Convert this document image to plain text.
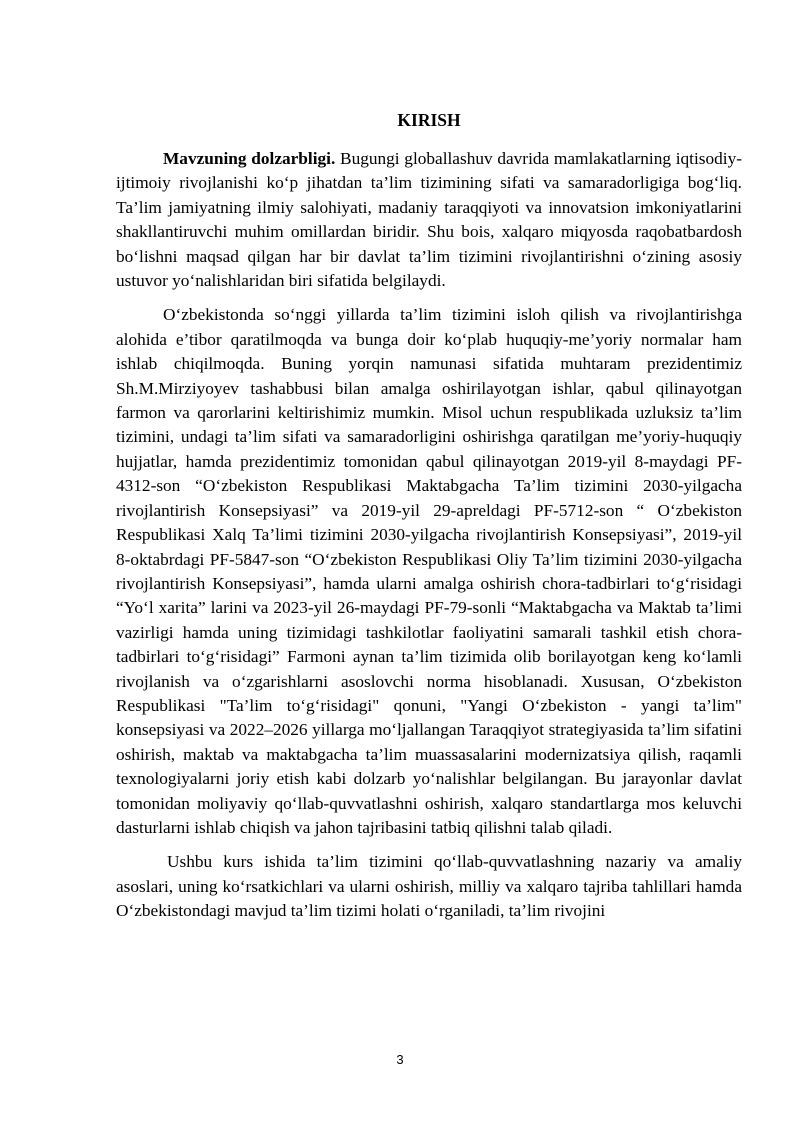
KIRISH

Mavzuning dolzarbligi. Bugungi globallashuv davrida mamlakatlarning iqtisodiy-ijtimoiy rivojlanishi ko‘p jihatdan ta’lim tizimining sifati va samaradorligiga bog‘liq. Ta’lim jamiyatning ilmiy salohiyati, madaniy taraqqiyoti va innovatsion imkoniyatlarini shakllantiruvchi muhim omillardan biridir. Shu bois, xalqaro miqyosda raqobatbardosh bo‘lishni maqsad qilgan har bir davlat ta’lim tizimini rivojlantirishni o‘zining asosiy ustuvor yo‘nalishlaridan biri sifatida belgilaydi.

O‘zbekistonda so‘nggi yillarda ta’lim tizimini isloh qilish va rivojlantirishga alohida e’tibor qaratilmoqda va bunga doir ko‘plab huquqiy-me’yoriy normalar ham ishlab chiqilmoqda. Buning yorqin namunasi sifatida muhtaram prezidentimiz Sh.M.Mirziyoyev tashabbusi bilan amalga oshirilayotgan ishlar, qabul qilinayotgan farmon va qarorlarini keltirishimiz mumkin. Misol uchun respublikada uzluksiz ta’lim tizimini, undagi ta’lim sifati va samaradorligini oshirishga qaratilgan me’yoriy-huquqiy hujjatlar, hamda prezidentimiz tomonidan qabul qilinayotgan 2019-yil 8-maydagi PF-4312-son “O‘zbekiston Respublikasi Maktabgacha Ta’lim tizimini 2030-yilgacha rivojlantirish Konsepsiyasi” va 2019-yil 29-apreldagi PF-5712-son “ O‘zbekiston Respublikasi Xalq Ta’limi tizimini 2030-yilgacha rivojlantirish Konsepsiyasi”, 2019-yil 8-oktabrdagi PF-5847-son “O‘zbekiston Respublikasi Oliy Ta’lim tizimini 2030-yilgacha rivojlantirish Konsepsiyasi”, hamda ularni amalga oshirish chora-tadbirlari to‘g‘risidagi “Yo‘l xarita” larini va 2023-yil 26-maydagi PF-79-sonli “Maktabgacha va Maktab ta’limi vazirligi hamda uning tizimidagi tashkilotlar faoliyatini samarali tashkil etish chora-tadbirlari to‘g‘risidagi” Farmoni aynan ta’lim tizimida olib borilayotgan keng ko‘lamli rivojlanish va o‘zgarishlarni asoslovchi norma hisoblanadi. Xususan, O‘zbekiston Respublikasi "Ta’lim to‘g‘risidagi" qonuni, "Yangi O‘zbekiston - yangi ta’lim" konsepsiyasi va 2022–2026 yillarga mo‘ljallangan Taraqqiyot strategiyasida ta’lim sifatini oshirish, maktab va maktabgacha ta’lim muassasalarini modernizatsiya qilish, raqamli texnologiyalarni joriy etish kabi dolzarb yo‘nalishlar belgilangan. Bu jarayonlar davlat tomonidan moliyaviy qo‘llab-quvvatlashni oshirish, xalqaro standartlarga mos keluvchi dasturlarni ishlab chiqish va jahon tajribasini tatbiq qilishni talab qiladi.

Ushbu kurs ishida ta’lim tizimini qo‘llab-quvvatlashning nazariy va amaliy asoslari, uning ko‘rsatkichlari va ularni oshirish, milliy va xalqaro tajriba tahlillari hamda O‘zbekistondagi mavjud ta’lim tizimi holati o‘rganiladi, ta’lim rivojini

3
